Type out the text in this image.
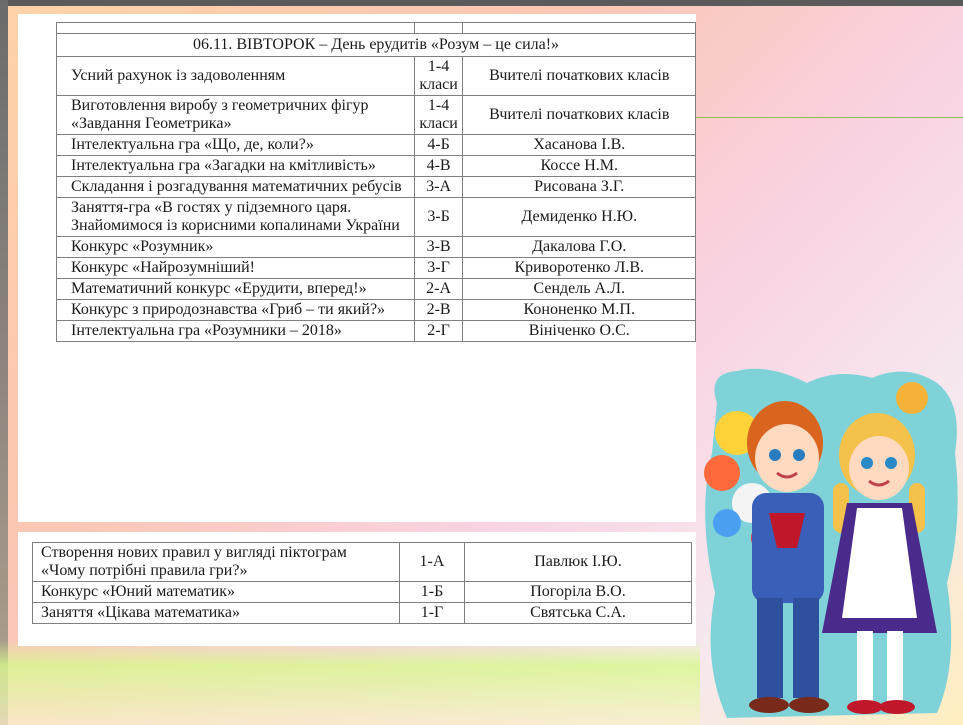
06.11. ВІВТОРОК – День ерудитів «Розум – це сила!»		
Усний рахунок із задоволенням	1-4 класи	Вчителі початкових класів
Виготовлення виробу з геометричних фігур «Завдання Геометрика»	1-4 класи	Вчителі початкових класів
Інтелектуальна гра «Що, де, коли?»	4-Б	Хасанова І.В.
Інтелектуальна гра «Загадки на кмітливість»	4-В	Коссе Н.М.
Складання і розгадування математичних ребусів	3-А	Рисована З.Г.
Заняття-гра «В гостях у підземного царя. Знайомимося із корисними копалинами України	3-Б	Демиденко Н.Ю.
Конкурс «Розумник»	3-В	Дакалова Г.О.
Конкурс «Найрозумніший!	3-Г	Криворотенко Л.В.
Математичний конкурс «Ерудити, вперед!»	2-А	Сендель А.Л.
Конкурс з природознавства «Гриб – ти який?»	2-В	Кононенко М.П.
Інтелектуальна гра «Розумники – 2018»	2-Г	Вініченко О.С.
Створення нових правил у вигляді піктограм «Чому потрібні правила гри?»	1-А	Павлюк І.Ю.
Конкурс «Юний математик»	1-Б	Погоріла В.О.
Заняття «Цікава математика»	1-Г	Святська С.А.
